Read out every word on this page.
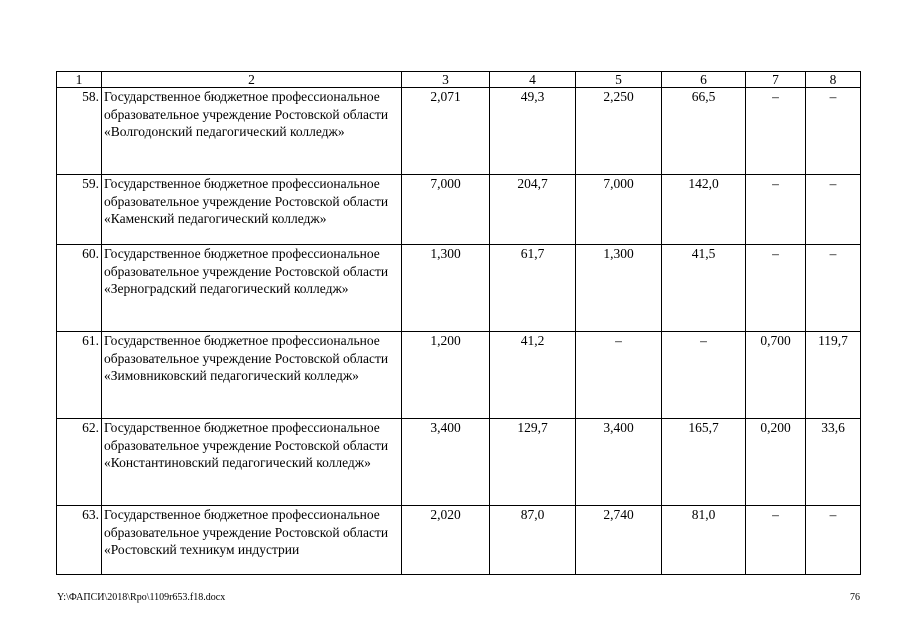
1	2	3	4	5	6	7	8
58.	Государственное бюджетное профессиональное образовательное учреждение Ростовской области «Волгодонский педагогический колледж»	2,071	49,3	2,250	66,5	–	–
59.	Государственное бюджетное профессиональное образовательное учреждение Ростовской области «Каменский педагогический колледж»	7,000	204,7	7,000	142,0	–	–
60.	Государственное бюджетное профессиональное образовательное учреждение Ростовской области «Зерноградский педагогический колледж»	1,300	61,7	1,300	41,5	–	–
61.	Государственное бюджетное профессиональное образовательное учреждение Ростовской области «Зимовниковский педагогический колледж»	1,200	41,2	–	–	0,700	119,7
62.	Государственное бюджетное профессиональное образовательное учреждение Ростовской области «Константиновский педагогический колледж»	3,400	129,7	3,400	165,7	0,200	33,6
63.	Государственное бюджетное профессиональное образовательное учреждение Ростовской области «Ростовский техникум индустрии	2,020	87,0	2,740	81,0	–	–
Y:\ФАПСИ\2018\Rpo\1109r653.f18.docx	76
